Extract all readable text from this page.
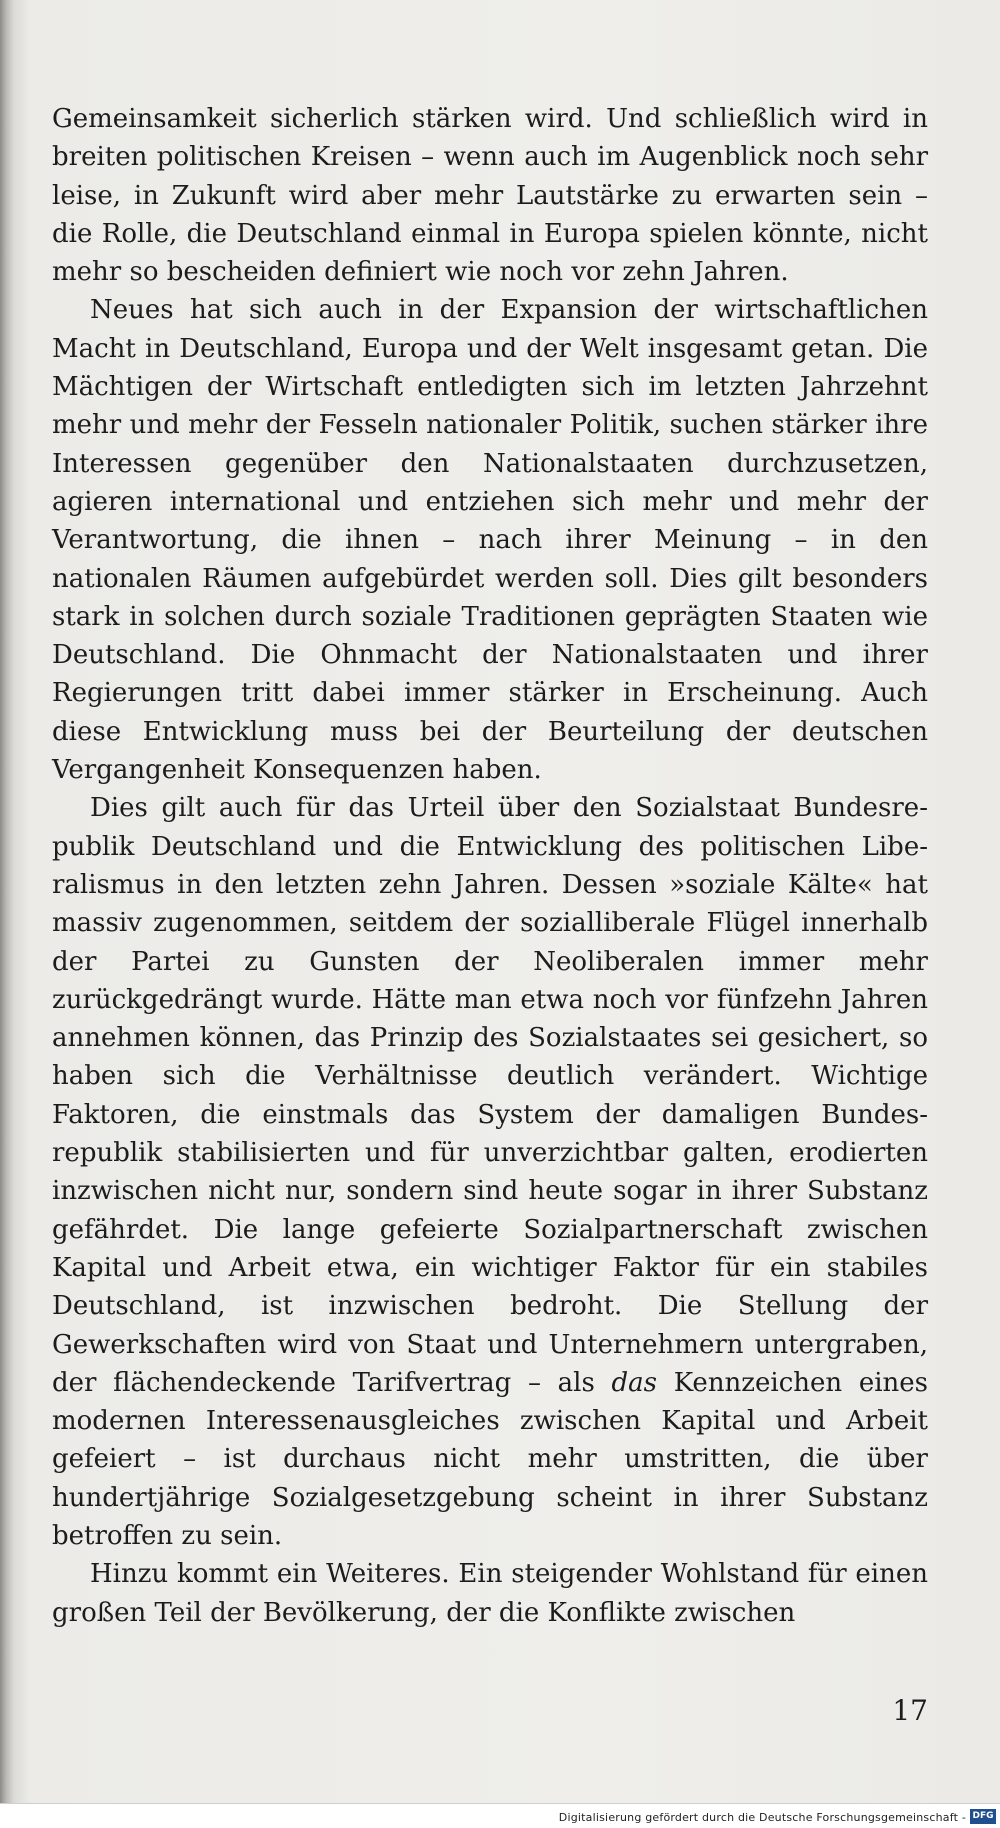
Gemeinsamkeit sicherlich stärken wird. Und schließlich wird in breiten politischen Kreisen – wenn auch im Augenblick noch sehr leise, in Zukunft wird aber mehr Lautstärke zu erwarten sein – die Rolle, die Deutschland einmal in Europa spielen könnte, nicht mehr so bescheiden definiert wie noch vor zehn Jahren.

Neues hat sich auch in der Expansion der wirtschaftlichen Macht in Deutschland, Europa und der Welt insgesamt getan. Die Mächtigen der Wirtschaft entledigten sich im letzten Jahrzehnt mehr und mehr der Fesseln nationaler Politik, suchen stärker ihre Interessen gegenüber den Nationalstaaten durchzusetzen, agieren international und entziehen sich mehr und mehr der Verantwortung, die ihnen – nach ihrer Meinung – in den nationalen Räumen aufgebürdet werden soll. Dies gilt besonders stark in solchen durch soziale Traditionen geprägten Staaten wie Deutschland. Die Ohnmacht der Nationalstaaten und ihrer Regierungen tritt dabei immer stärker in Erscheinung. Auch diese Entwicklung muss bei der Beurteilung der deutschen Vergangenheit Konsequenzen haben.

Dies gilt auch für das Urteil über den Sozialstaat Bundesrepublik Deutschland und die Entwicklung des politischen Liberalismus in den letzten zehn Jahren. Dessen »soziale Kälte« hat massiv zugenommen, seitdem der sozialliberale Flügel innerhalb der Partei zu Gunsten der Neoliberalen immer mehr zurückgedrängt wurde. Hätte man etwa noch vor fünfzehn Jahren annehmen können, das Prinzip des Sozialstaates sei gesichert, so haben sich die Verhältnisse deutlich verändert. Wichtige Faktoren, die einstmals das System der damaligen Bundesrepublik stabilisierten und für unverzichtbar galten, erodierten inzwischen nicht nur, sondern sind heute sogar in ihrer Substanz gefährdet. Die lange gefeierte Sozialpartnerschaft zwischen Kapital und Arbeit etwa, ein wichtiger Faktor für ein stabiles Deutschland, ist inzwischen bedroht. Die Stellung der Gewerkschaften wird von Staat und Unternehmern untergraben, der flächendeckende Tarifvertrag – als das Kennzeichen eines modernen Interessenausgleiches zwischen Kapital und Arbeit gefeiert – ist durchaus nicht mehr umstritten, die über hundertjährige Sozialgesetzgebung scheint in ihrer Substanz betroffen zu sein.

Hinzu kommt ein Weiteres. Ein steigender Wohlstand für einen großen Teil der Bevölkerung, der die Konflikte zwischen

17
Digitalisierung gefördert durch die Deutsche Forschungsgemeinschaft - DFG
